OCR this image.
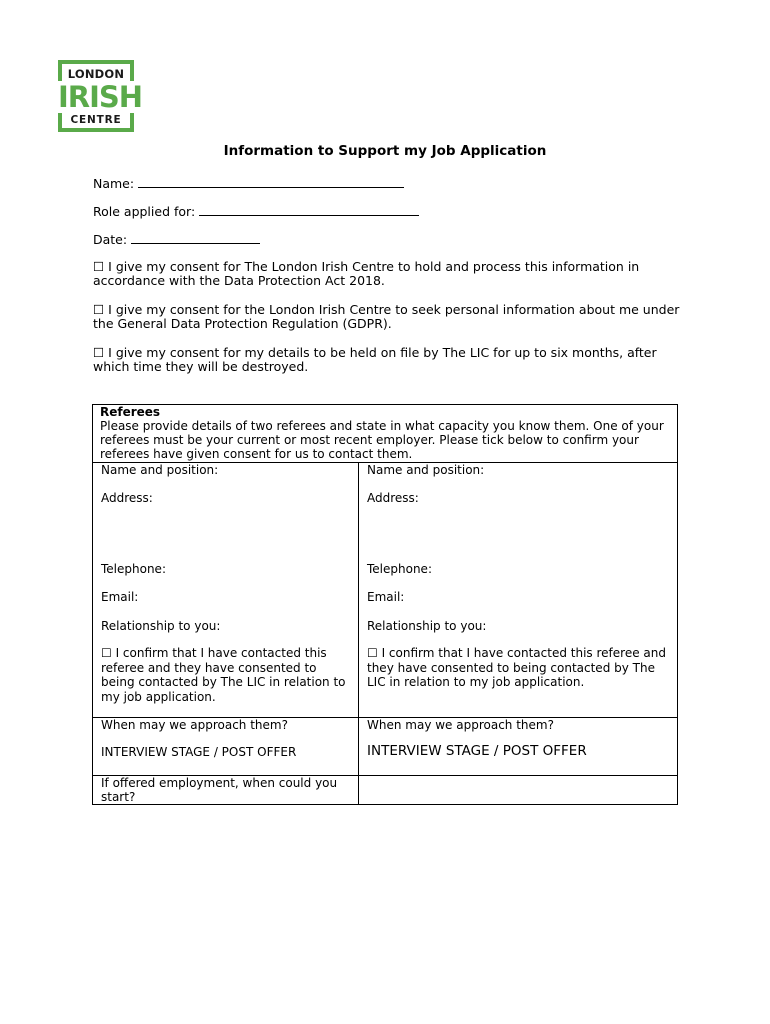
LONDON
IRISH
CENTRE
Information to Support my Job Application
Name:
Role applied for:
Date:
☐ I give my consent for The London Irish Centre to hold and process this information in accordance with the Data Protection Act 2018.
☐ I give my consent for the London Irish Centre to seek personal information about me under the General Data Protection Regulation (GDPR).
☐ I give my consent for my details to be held on file by The LIC for up to six months, after which time they will be destroyed.
Referees
Please provide details of two referees and state in what capacity you know them. One of your referees must be your current or most recent employer. Please tick below to confirm your referees have given consent for us to contact them.
Name and position:
Address:
Telephone:
Email:
Relationship to you:
☐ I confirm that I have contacted this referee and they have consented to being contacted by The LIC in relation to my job application.
Name and position:
Address:
Telephone:
Email:
Relationship to you:
☐ I confirm that I have contacted this referee and they have consented to being contacted by The LIC in relation to my job application.
When may we approach them?
INTERVIEW STAGE / POST OFFER
When may we approach them?
INTERVIEW STAGE / POST OFFER
If offered employment, when could you start?
